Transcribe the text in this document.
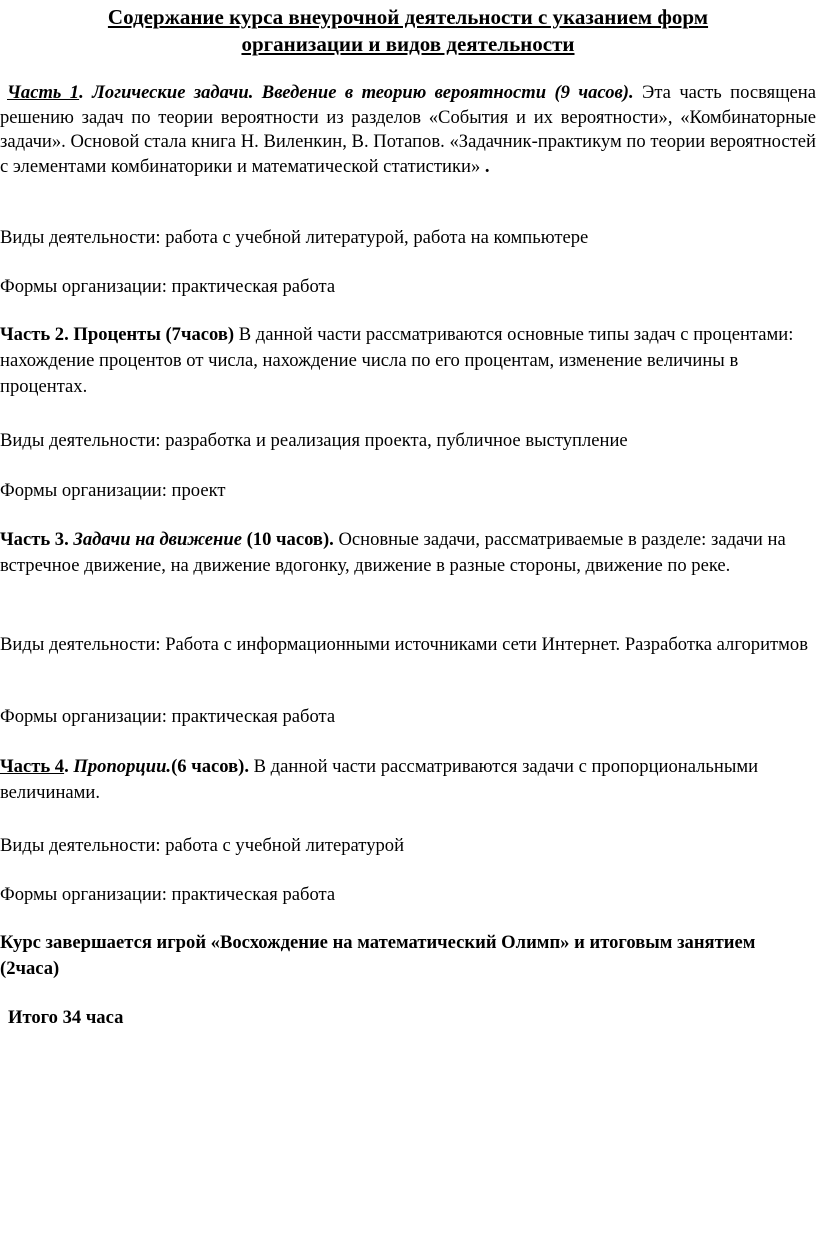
Содержание курса внеурочной деятельности с указанием форм
организации и видов деятельности

Часть 1. Логические задачи. Введение в теорию вероятности (9 часов). Эта часть посвящена решению задач по теории вероятности из разделов «События и их вероятности», «Комбинаторные задачи». Основой стала книга Н. Виленкин, В. Потапов. «Задачник-практикум по теории вероятностей с элементами комбинаторики и математической статистики» .

Виды деятельности: работа с учебной литературой, работа на компьютере

Формы организации: практическая работа

Часть 2. Проценты (7часов) В данной части рассматриваются основные типы задач с процентами: нахождение процентов от числа, нахождение числа по его процентам, изменение величины в процентах.

Виды деятельности: разработка и реализация проекта, публичное выступление

Формы организации: проект

Часть 3. Задачи на движение (10 часов). Основные задачи, рассматриваемые в разделе: задачи на встречное движение, на движение вдогонку, движение в разные стороны, движение по реке.

Виды деятельности: Работа с информационными источниками сети Интернет. Разработка алгоритмов

Формы организации: практическая работа

Часть 4. Пропорции.(6 часов). В данной части рассматриваются задачи с пропорциональными величинами.

Виды деятельности: работа с учебной литературой

Формы организации: практическая работа

Курс завершается игрой «Восхождение на математический Олимп» и итоговым занятием (2часа)

Итого 34 часа
